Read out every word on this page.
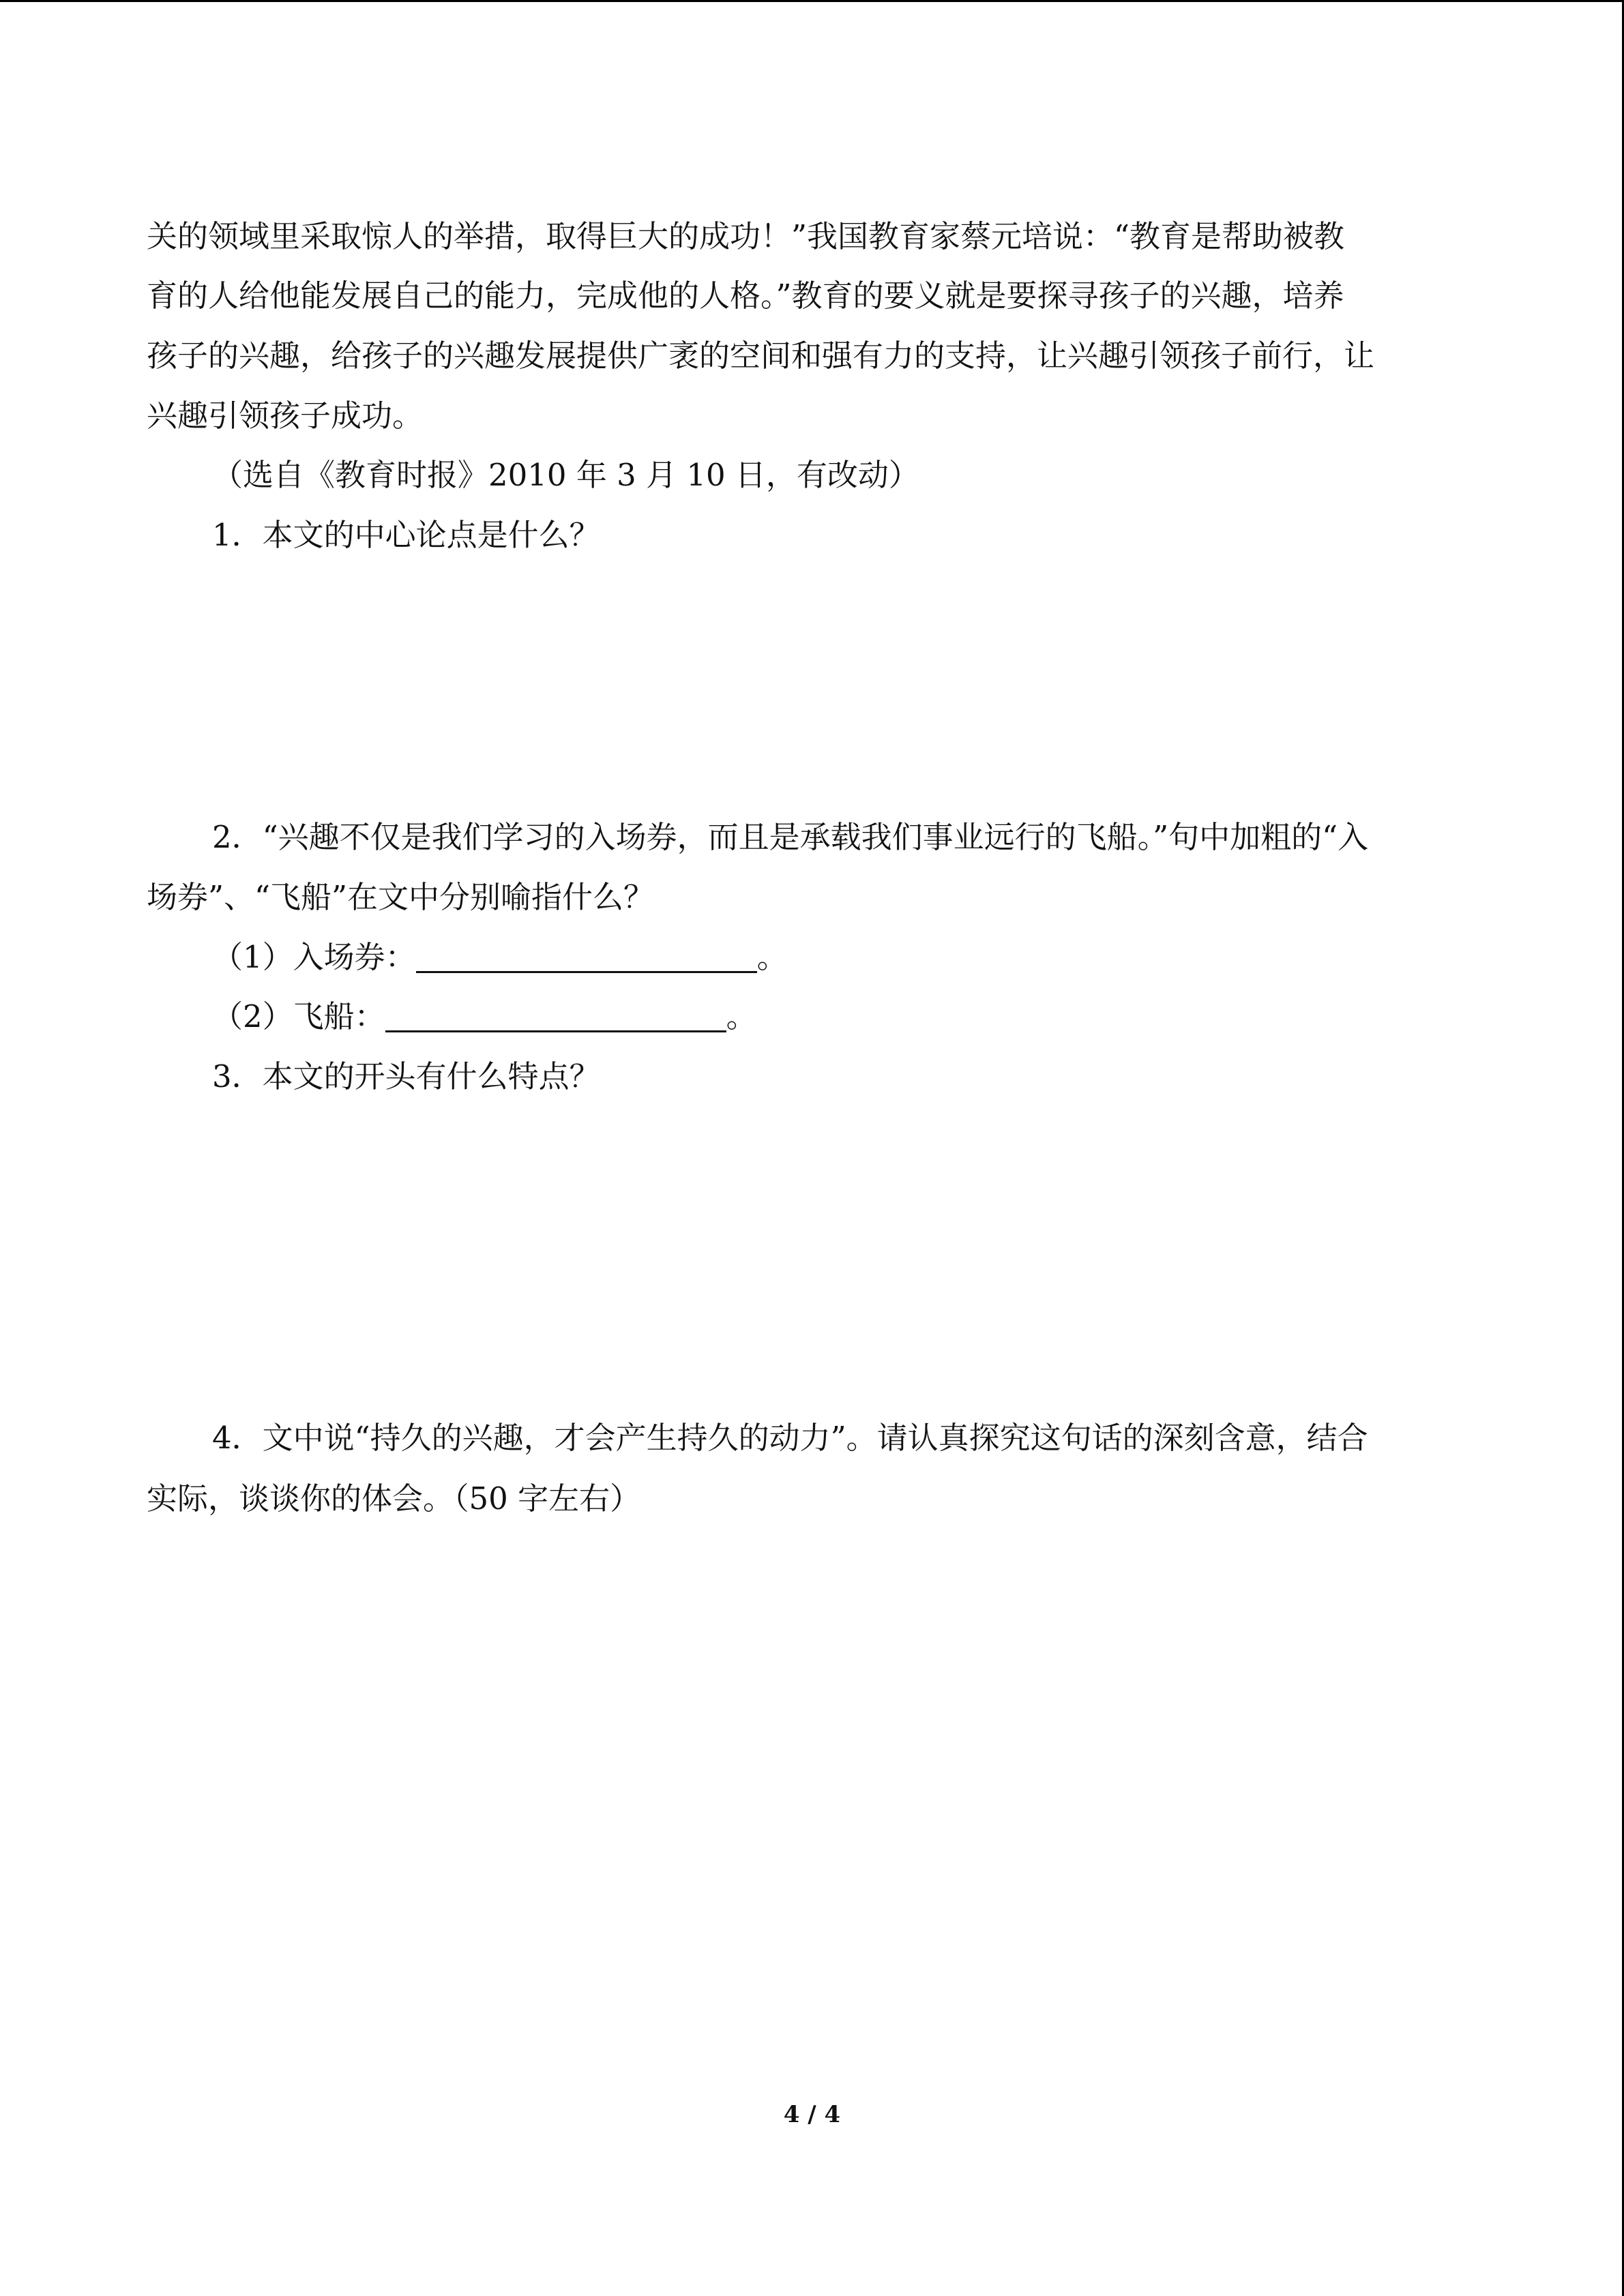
关的领域里采取惊人的举措，取得巨大的成功！”我国教育家蔡元培说：“教育是帮助被教
育的人给他能发展自己的能力，完成他的人格。”教育的要义就是要探寻孩子的兴趣，培养
孩子的兴趣，给孩子的兴趣发展提供广袤的空间和强有力的支持，让兴趣引领孩子前行，让
兴趣引领孩子成功。
（选自《教育时报》2010 年 3 月 10 日，有改动）
1．本文的中心论点是什么？
2．“兴趣不仅是我们学习的入场券，而且是承载我们事业远行的飞船。”句中加粗的“入
场券”、“飞船”在文中分别喻指什么？
（1）入场券：	。
（2）飞船：	。
3．本文的开头有什么特点？
4．文中说“持久的兴趣，才会产生持久的动力”。请认真探究这句话的深刻含意，结合
实际，谈谈你的体会。（50 字左右）
4 / 4
